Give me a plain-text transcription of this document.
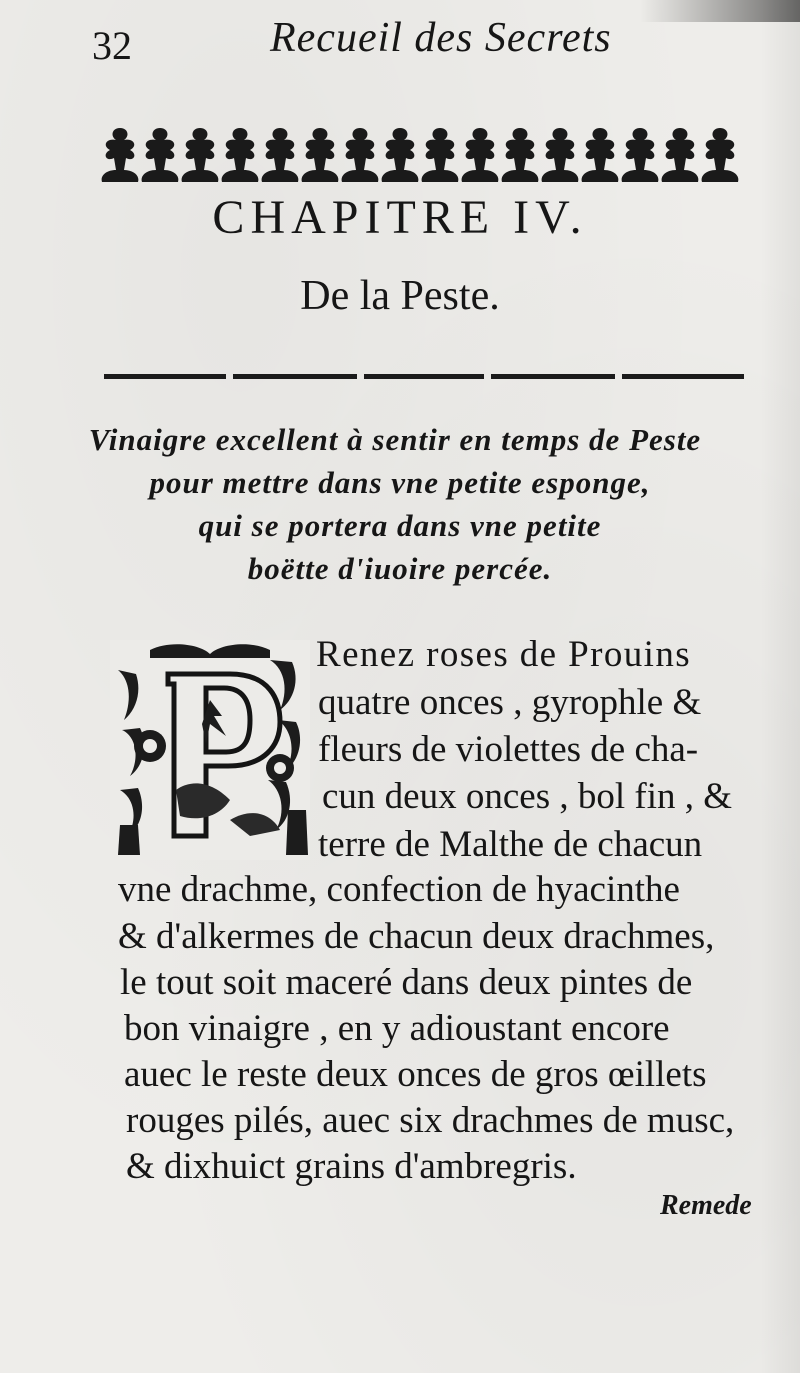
32	Recueil des Secrets
CHAPITRE IV.
De la Peste.
Vinaigre excellent à sentir en temps de Peste
pour mettre dans vne petite esponge,
qui se portera dans vne petite
boëtte d'iuoire percée.
Renez roses de Prouins
quatre onces , gyrophle &
fleurs de violettes de cha-
cun deux onces , bol fin , &
terre de Malthe de chacun
vne drachme, confection de hyacinthe
& d'alkermes de chacun deux drachmes,
le tout soit maceré dans deux pintes de
bon vinaigre , en y adioustant encore
auec le reste deux onces de gros œillets
rouges pilés, auec six drachmes de musc,
& dixhuict grains d'ambregris.
Remede
